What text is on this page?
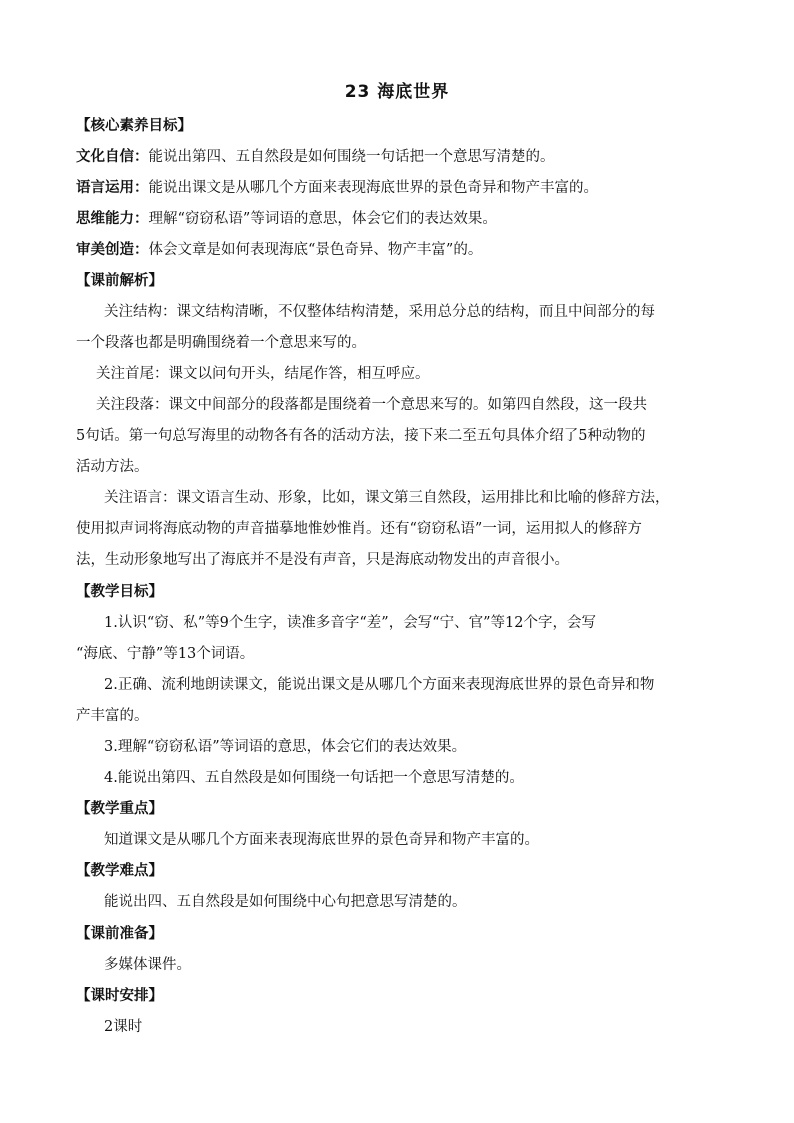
23 海底世界
【核心素养目标】
文化自信：能说出第四、五自然段是如何围绕一句话把一个意思写清楚的。
语言运用：能说出课文是从哪几个方面来表现海底世界的景色奇异和物产丰富的。
思维能力：理解“窃窃私语”等词语的意思，体会它们的表达效果。
审美创造：体会文章是如何表现海底“景色奇异、物产丰富”的。
【课前解析】
关注结构：课文结构清晰，不仅整体结构清楚，采用总分总的结构，而且中间部分的每
一个段落也都是明确围绕着一个意思来写的。
关注首尾：课文以问句开头，结尾作答，相互呼应。
关注段落：课文中间部分的段落都是围绕着一个意思来写的。如第四自然段，这一段共
5句话。第一句总写海里的动物各有各的活动方法，接下来二至五句具体介绍了5种动物的
活动方法。
关注语言：课文语言生动、形象，比如，课文第三自然段，运用排比和比喻的修辞方法，
使用拟声词将海底动物的声音描摹地惟妙惟肖。还有“窃窃私语”一词，运用拟人的修辞方
法，生动形象地写出了海底并不是没有声音，只是海底动物发出的声音很小。
【教学目标】
1.认识“窃、私”等9个生字，读准多音字“差”，会写“宁、官”等12个字，会写
“海底、宁静”等13个词语。
2.正确、流利地朗读课文，能说出课文是从哪几个方面来表现海底世界的景色奇异和物
产丰富的。
3.理解“窃窃私语”等词语的意思，体会它们的表达效果。
4.能说出第四、五自然段是如何围绕一句话把一个意思写清楚的。
【教学重点】
知道课文是从哪几个方面来表现海底世界的景色奇异和物产丰富的。
【教学难点】
能说出四、五自然段是如何围绕中心句把意思写清楚的。
【课前准备】
多媒体课件。
【课时安排】
2课时
